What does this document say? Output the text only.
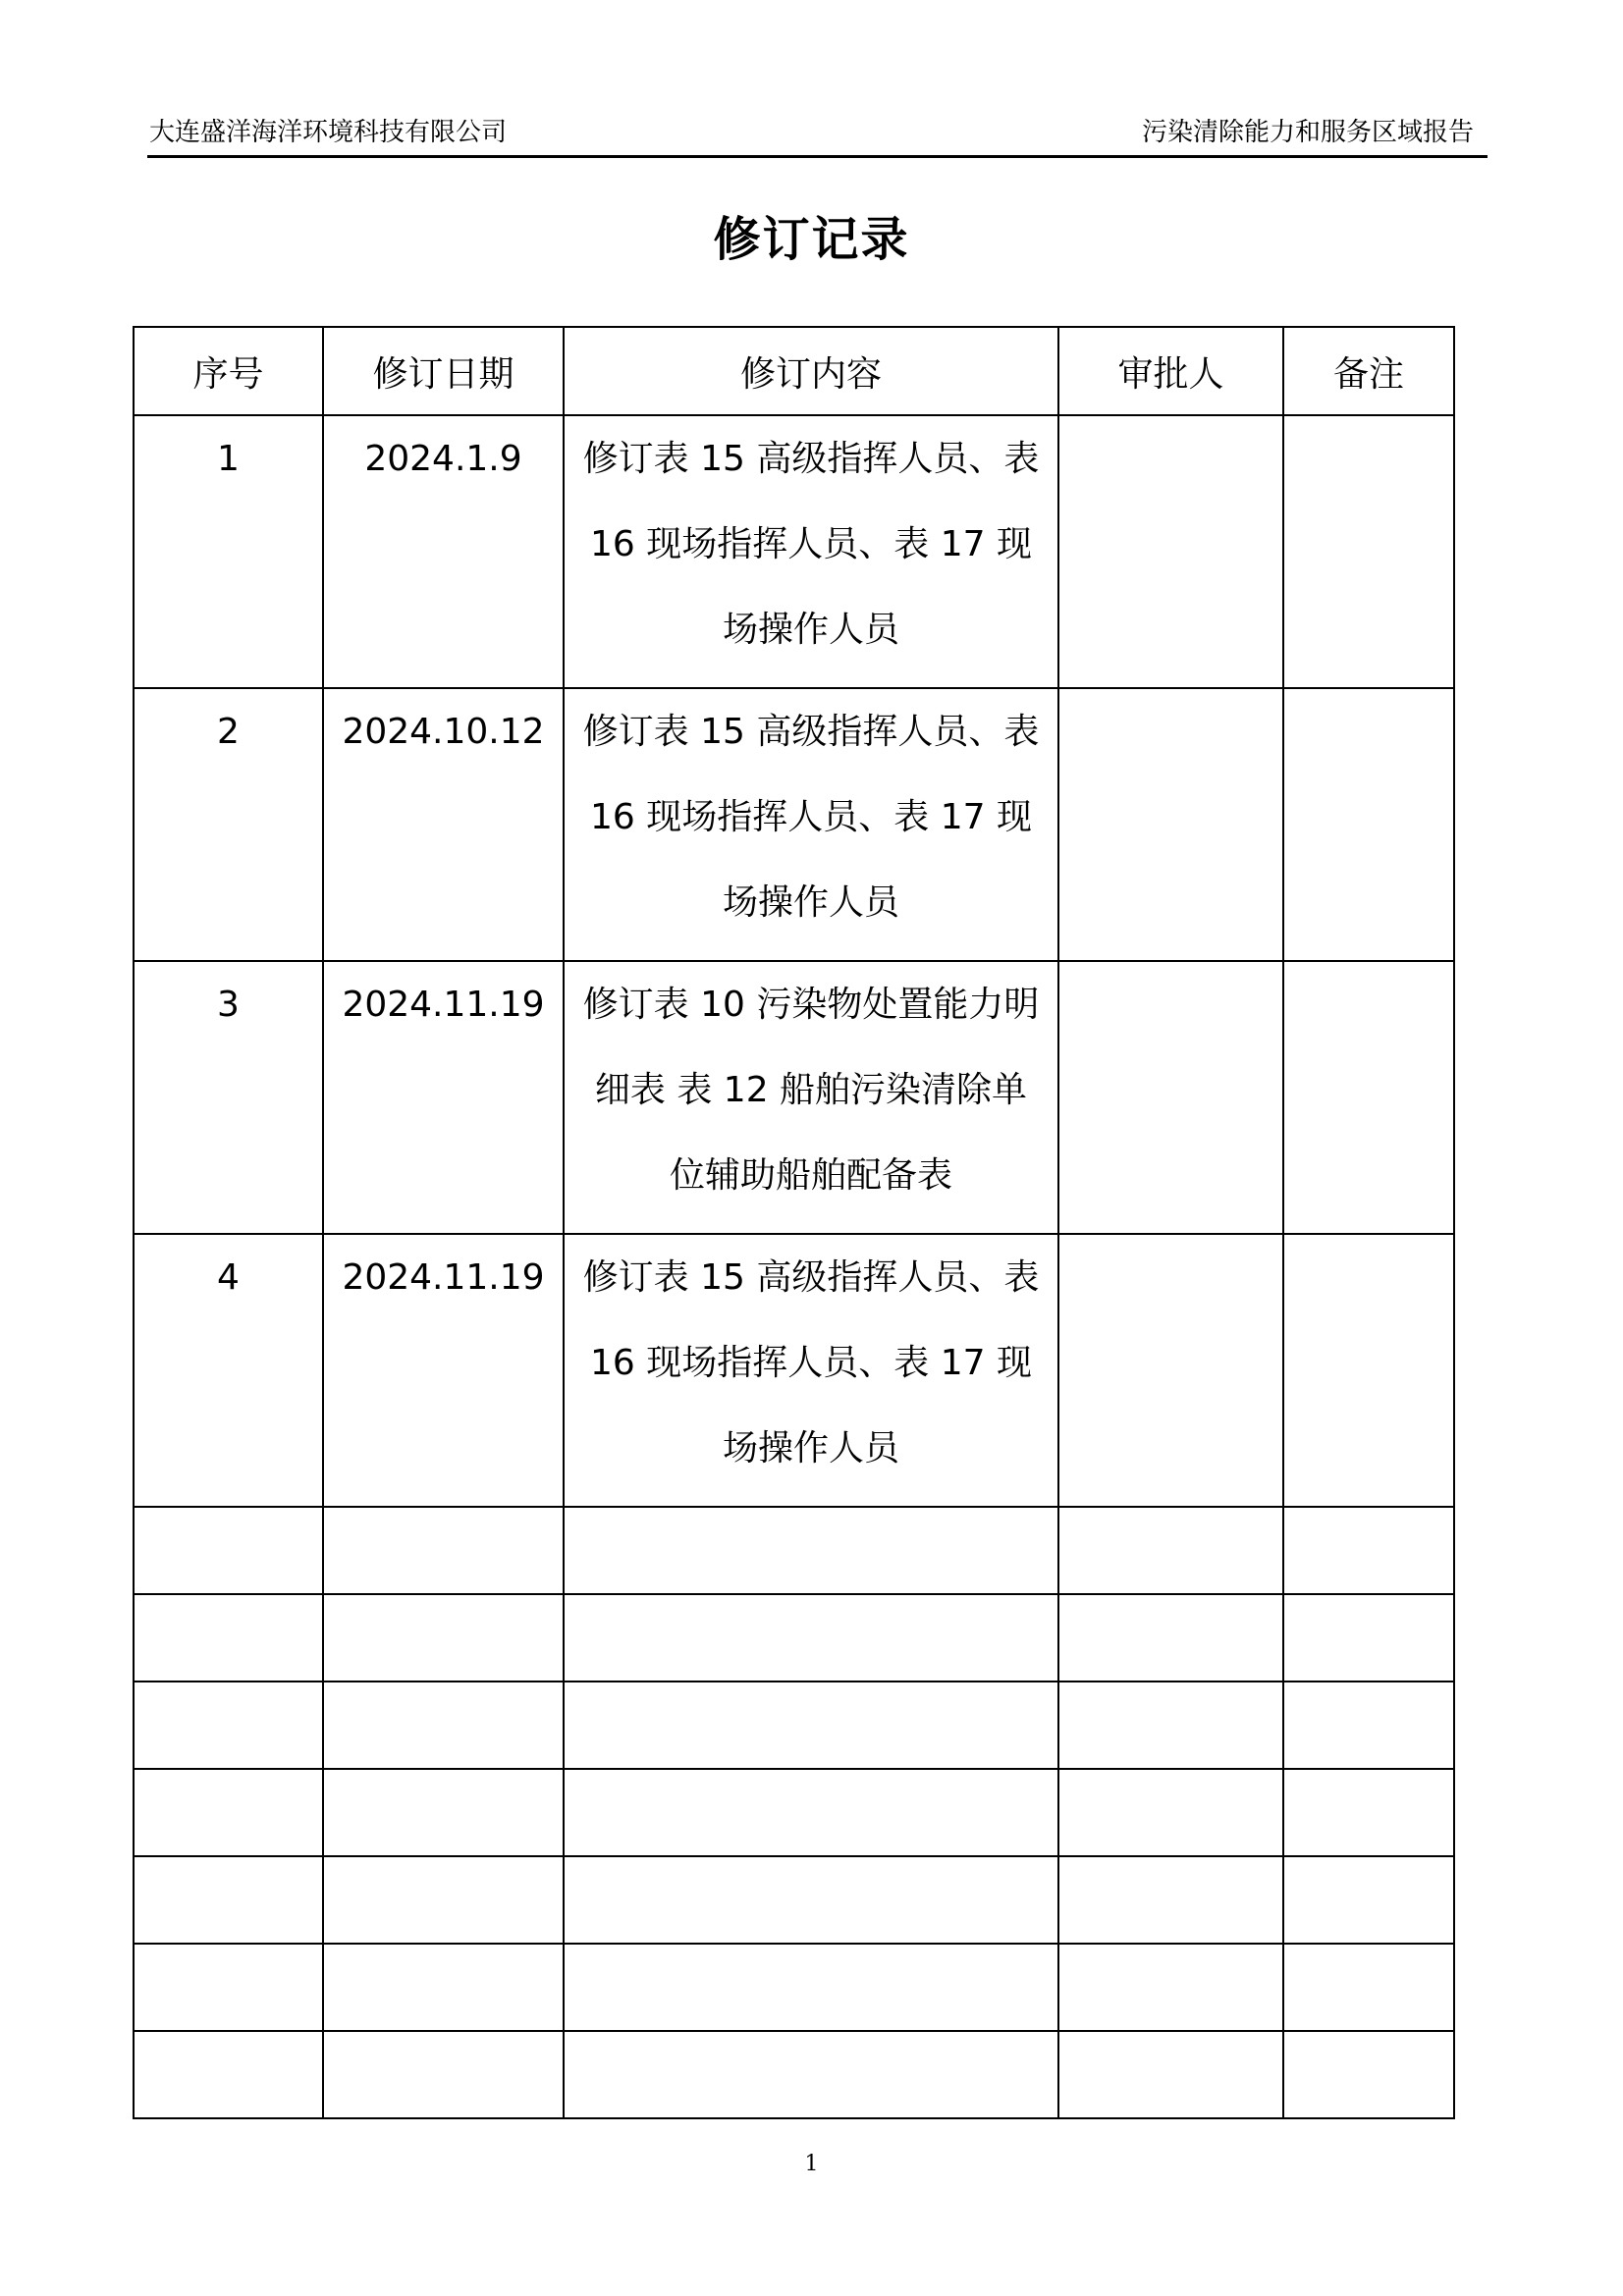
大连盛洋海洋环境科技有限公司	污染清除能力和服务区域报告
修订记录
序号	修订日期	修订内容	审批人	备注
1	2024.1.9	修订表 15 高级指挥人员、表 16 现场指挥人员、表 17 现场操作人员		
2	2024.10.12	修订表 15 高级指挥人员、表 16 现场指挥人员、表 17 现场操作人员		
3	2024.11.19	修订表 10 污染物处置能力明细表 表 12 船舶污染清除单位辅助船舶配备表		
4	2024.11.19	修订表 15 高级指挥人员、表 16 现场指挥人员、表 17 现场操作人员		

1
